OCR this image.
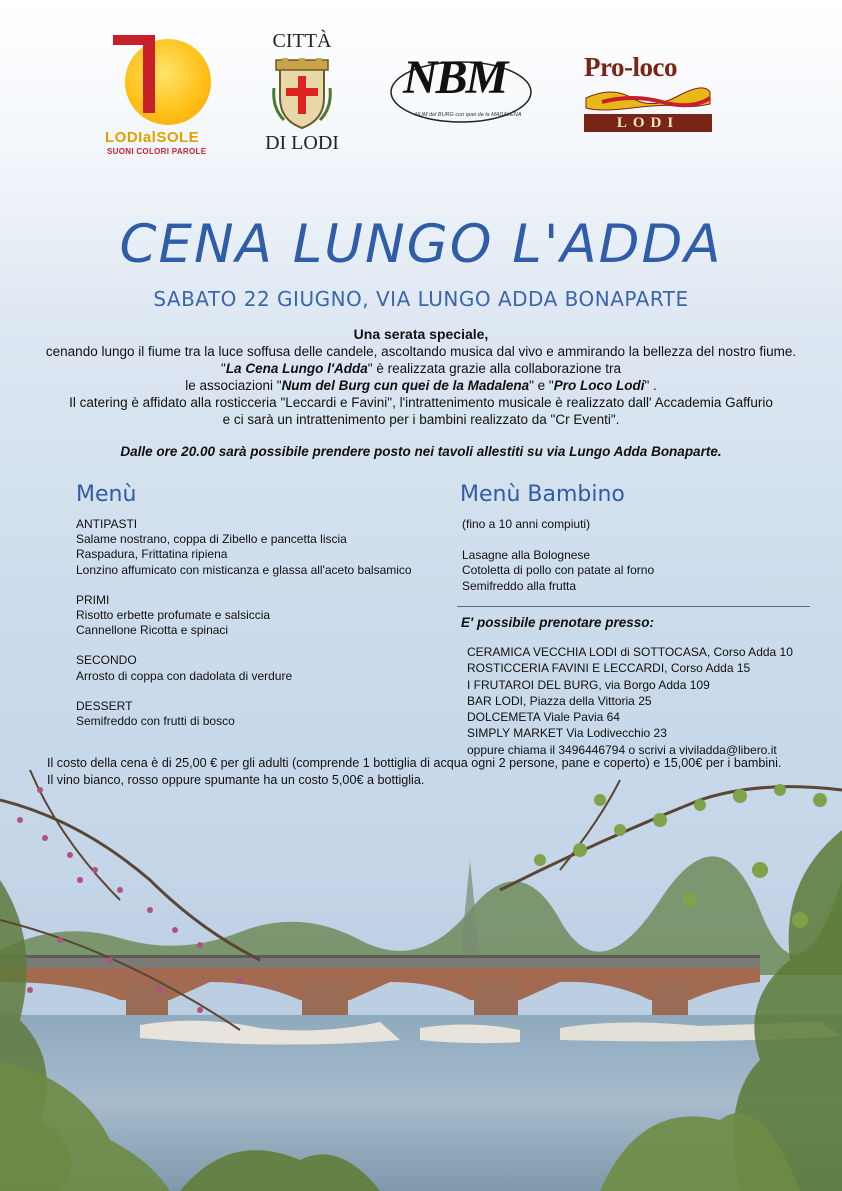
LODIalSOLE
SUONI COLORI PAROLE
CITTÀ
DI LODI
NBM
NUM del BURG cun quei de la MADALENA
Pro-loco
LODI
CENA LUNGO L'ADDA
SABATO 22 GIUGNO, VIA LUNGO ADDA BONAPARTE
Una serata speciale,
cenando lungo il fiume tra la luce soffusa delle candele, ascoltando musica dal vivo e ammirando la bellezza del nostro fiume.
"La Cena Lungo l'Adda" è realizzata grazie alla collaborazione tra
le associazioni "Num del Burg cun quei de la Madalena" e "Pro Loco Lodi" .
Il catering è affidato alla rosticceria "Leccardi e Favini", l'intrattenimento musicale è realizzato dall' Accademia Gaffurio
e ci sarà un intrattenimento per i bambini realizzato da "Cr Eventi".
Dalle ore 20.00 sarà possibile prendere posto nei tavoli allestiti su via Lungo Adda Bonaparte.
Menù
ANTIPASTI
Salame nostrano, coppa di Zibello e pancetta liscia
Raspadura, Frittatina ripiena
Lonzino affumicato con misticanza e glassa all'aceto balsamico
PRIMI
Risotto erbette profumate e salsiccia
Cannellone Ricotta e spinaci
SECONDO
Arrosto di coppa con dadolata di verdure
DESSERT
Semifreddo con frutti di bosco
Menù Bambino
(fino a 10 anni compiuti)
Lasagne alla Bolognese
Cotoletta di pollo con patate al forno
Semifreddo alla frutta
E' possibile prenotare presso:
CERAMICA VECCHIA LODI di SOTTOCASA, Corso Adda 10
ROSTICCERIA FAVINI E LECCARDI, Corso Adda 15
I FRUTAROI DEL BURG, via Borgo Adda 109
BAR LODI, Piazza della Vittoria 25
DOLCEMETA Viale Pavia 64
SIMPLY MARKET Via Lodivecchio 23
oppure chiama il 3496446794 o scrivi a viviladda@libero.it
Il costo della cena è di 25,00 € per gli adulti (comprende 1 bottiglia di acqua ogni 2 persone, pane e coperto) e 15,00€ per i bambini.
Il vino bianco, rosso oppure spumante ha un costo 5,00€ a bottiglia.
